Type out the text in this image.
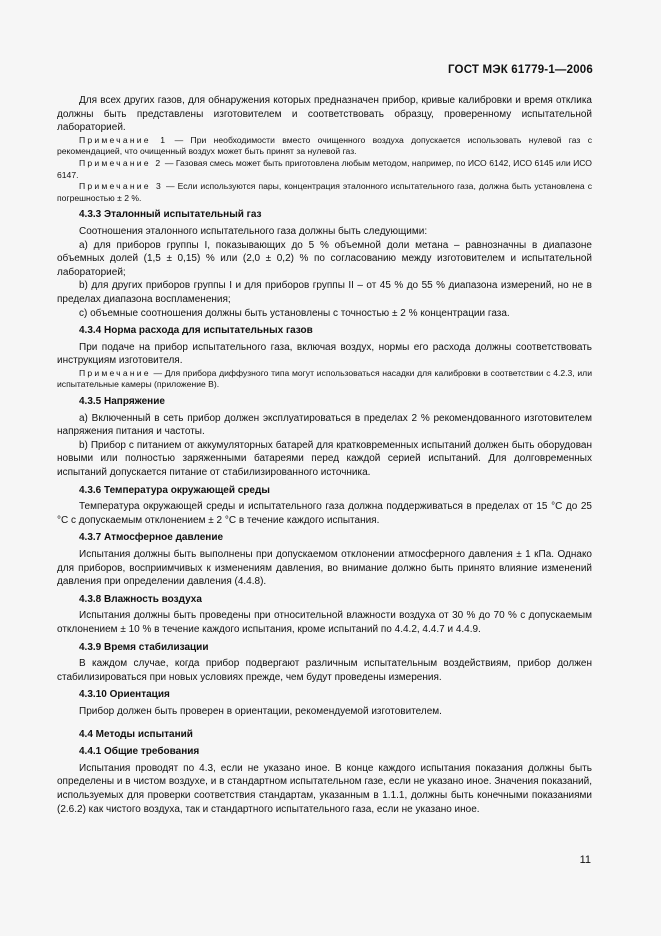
ГОСТ МЭК 61779-1—2006

Для всех других газов, для обнаружения которых предназначен прибор, кривые калибровки и время отклика должны быть представлены изготовителем и соответствовать образцу, проверенному испытательной лабораторией.

Примечание 1 — При необходимости вместо очищенного воздуха допускается использовать нулевой газ с рекомендацией, что очищенный воздух может быть принят за нулевой газ.

Примечание 2 — Газовая смесь может быть приготовлена любым методом, например, по ИСО 6142, ИСО 6145 или ИСО 6147.

Примечание 3 — Если используются пары, концентрация эталонного испытательного газа, должна быть установлена с погрешностью ± 2 %.

4.3.3 Эталонный испытательный газ

Соотношения эталонного испытательного газа должны быть следующими:

a) для приборов группы I, показывающих до 5 % объемной доли метана – равнозначны в диапазоне объемных долей (1,5 ± 0,15) % или (2,0 ± 0,2) % по согласованию между изготовителем и испытательной лабораторией;

b) для других приборов группы I и для приборов группы II – от 45 % до 55 % диапазона измерений, но не в пределах диапазона воспламенения;

c) объемные соотношения должны быть установлены с точностью ± 2 % концентрации газа.

4.3.4 Норма расхода для испытательных газов

При подаче на прибор испытательного газа, включая воздух, нормы его расхода должны соответствовать инструкциям изготовителя.

Примечание — Для прибора диффузного типа могут использоваться насадки для калибровки в соответствии с 4.2.3, или испытательные камеры (приложение В).

4.3.5 Напряжение

a) Включенный в сеть прибор должен эксплуатироваться в пределах 2 % рекомендованного изготовителем напряжения питания и частоты.

b) Прибор с питанием от аккумуляторных батарей для кратковременных испытаний должен быть оборудован новыми или полностью заряженными батареями перед каждой серией испытаний. Для долговременных испытаний допускается питание от стабилизированного источника.

4.3.6 Температура окружающей среды

Температура окружающей среды и испытательного газа должна поддерживаться в пределах от 15 °С до 25 °С с допускаемым отклонением ± 2 °С в течение каждого испытания.

4.3.7 Атмосферное давление

Испытания должны быть выполнены при допускаемом отклонении атмосферного давления ± 1 кПа. Однако для приборов, восприимчивых к изменениям давления, во внимание должно быть принято влияние изменений давления при определении давления (4.4.8).

4.3.8 Влажность воздуха

Испытания должны быть проведены при относительной влажности воздуха от 30 % до 70 % с допускаемым отклонением ± 10 % в течение каждого испытания, кроме испытаний по 4.4.2, 4.4.7 и 4.4.9.

4.3.9 Время стабилизации

В каждом случае, когда прибор подвергают различным испытательным воздействиям, прибор должен стабилизироваться при новых условиях прежде, чем будут проведены измерения.

4.3.10 Ориентация

Прибор должен быть проверен в ориентации, рекомендуемой изготовителем.

4.4 Методы испытаний
4.4.1 Общие требования

Испытания проводят по 4.3, если не указано иное. В конце каждого испытания показания должны быть определены и в чистом воздухе, и в стандартном испытательном газе, если не указано иное. Значения показаний, используемых для проверки соответствия стандартам, указанным в 1.1.1, должны быть конечными показаниями (2.6.2) как чистого воздуха, так и стандартного испытательного газа, если не указано иное.

11
